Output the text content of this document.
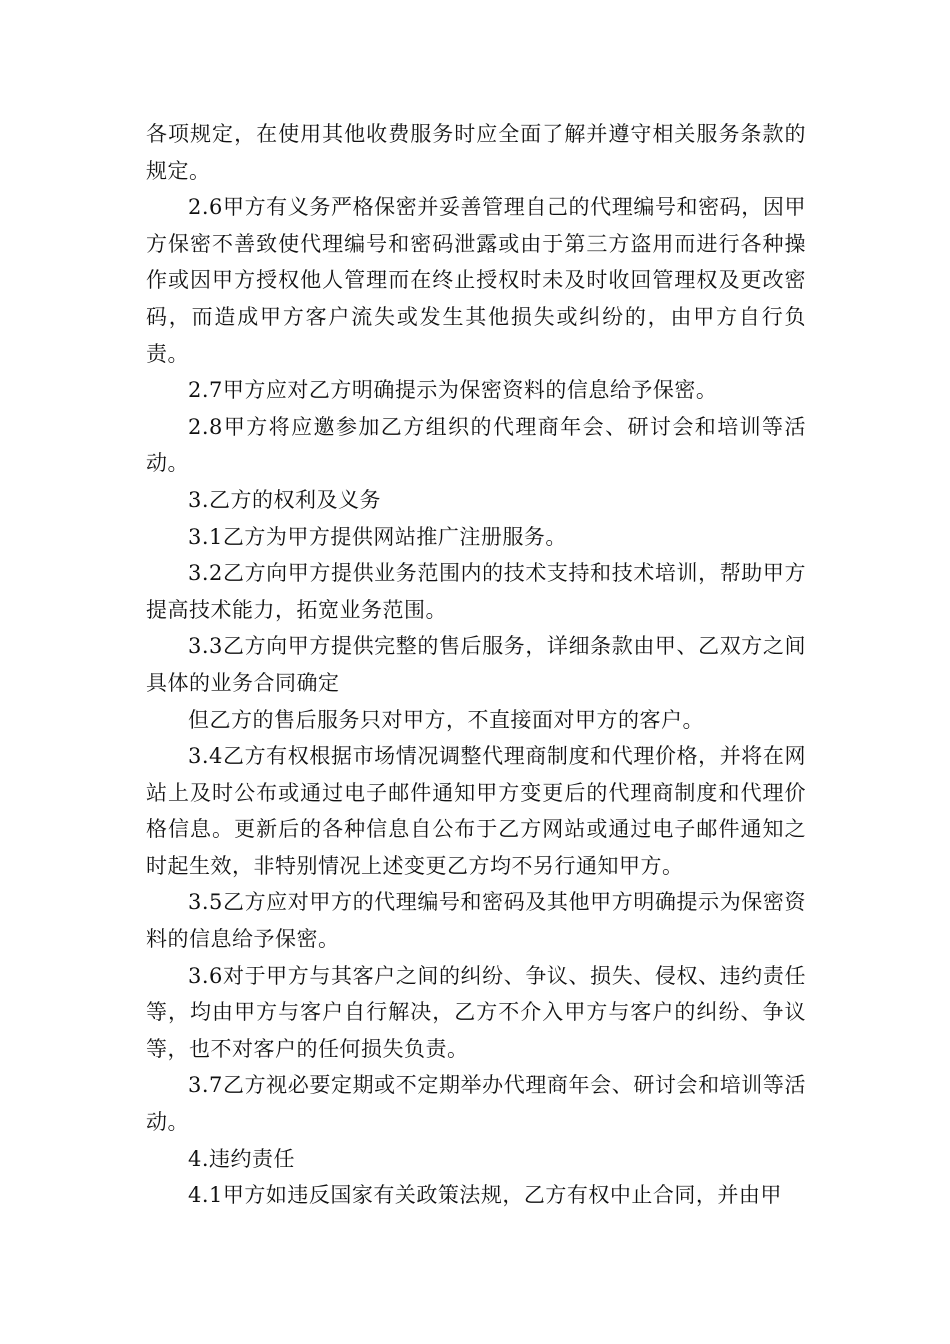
各项规定，在使用其他收费服务时应全面了解并遵守相关服务条款的规定。

2.6甲方有义务严格保密并妥善管理自己的代理编号和密码，因甲方保密不善致使代理编号和密码泄露或由于第三方盗用而进行各种操作或因甲方授权他人管理而在终止授权时未及时收回管理权及更改密码，而造成甲方客户流失或发生其他损失或纠纷的，由甲方自行负责。

2.7甲方应对乙方明确提示为保密资料的信息给予保密。

2.8甲方将应邀参加乙方组织的代理商年会、研讨会和培训等活动。

3.乙方的权利及义务

3.1乙方为甲方提供网站推广注册服务。

3.2乙方向甲方提供业务范围内的技术支持和技术培训，帮助甲方提高技术能力，拓宽业务范围。

3.3乙方向甲方提供完整的售后服务，详细条款由甲、乙双方之间具体的业务合同确定

但乙方的售后服务只对甲方，不直接面对甲方的客户。

3.4乙方有权根据市场情况调整代理商制度和代理价格，并将在网站上及时公布或通过电子邮件通知甲方变更后的代理商制度和代理价格信息。更新后的各种信息自公布于乙方网站或通过电子邮件通知之时起生效，非特别情况上述变更乙方均不另行通知甲方。

3.5乙方应对甲方的代理编号和密码及其他甲方明确提示为保密资料的信息给予保密。

3.6对于甲方与其客户之间的纠纷、争议、损失、侵权、违约责任等，均由甲方与客户自行解决，乙方不介入甲方与客户的纠纷、争议等，也不对客户的任何损失负责。

3.7乙方视必要定期或不定期举办代理商年会、研讨会和培训等活动。

4.违约责任

4.1甲方如违反国家有关政策法规，乙方有权中止合同，并由甲
